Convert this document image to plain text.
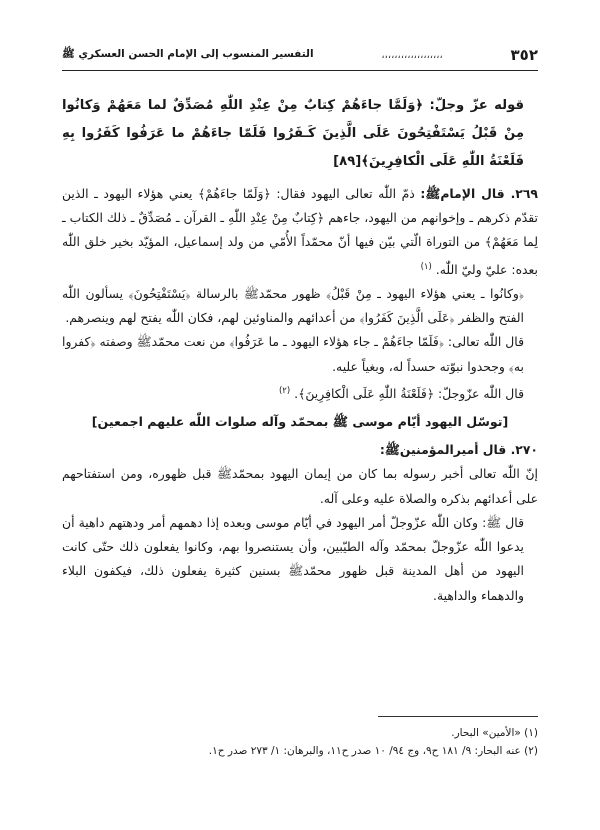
٣٥٢
،،،،،،،،،،،،،،،،،،،
التفسير المنسوب إلى الإمام الحسن العسكري ﷺ

قوله عزّ وجلّ: ﴿وَلَمَّا جاءَهُمْ كِتابٌ مِنْ عِنْدِ اللّٰهِ مُصَدِّقٌ لما مَعَهُمْ وَكانُوا مِنْ قَبْلُ يَسْتَفْتِحُونَ عَلَى الَّذِينَ كَـفَرُوا فَلَمّا جاءَهُمْ ما عَرَفُوا كَفَرُوا بِهِ فَلَعْنَةُ اللّٰهِ عَلَى الْكافِرِينَ﴾[٨٩]

٢٦٩. قال الإمامﷺ: ذمّ اللّٰه تعالى اليهود فقال: ﴿وَلَمّا جاءَهُمْ﴾ يعني هؤلاء اليهود ـ الذين تقدّم ذكرهم ـ وإخوانهم من اليهود، جاءهم ﴿كِتابٌ مِنْ عِنْدِ اللّٰهِ ـ القرآن ـ مُصَدِّقٌ ـ ذلك الكتاب ـ لِما مَعَهُمْ﴾ من التوراة الّتي بيّن فيها أنّ محمّداً الأُمّي من ولد إسماعيل، المؤيّد بخير خلق اللّٰه بعده: عليّ وليّ اللّٰه. $^{(١)}$

﴿وكانُوا ـ يعني هؤلاء اليهود ـ مِنْ قَبْلُ﴾ ظهور محمّدﷺ بالرسالة ﴿يَسْتَفْتِحُونَ﴾ يسألون اللّٰه الفتح والظفر ﴿عَلَى الَّذِينَ كَفَرُوا﴾ من أعدائهم والمناوئين لهم، فكان اللّٰه يفتح لهم وينصرهم.

قال اللّٰه تعالى: ﴿فَلَمّا جاءَهُمْ ـ جاء هؤلاء اليهود ـ ما عَرَفُوا﴾ من نعت محمّدﷺ وصفته ﴿كفروا به﴾ وجحدوا نبوّته حسداً له، وبغياً عليه.

قال اللّٰه عزّوجلّ: ﴿فَلَعْنَةُ اللّٰهِ عَلَى الْكافِرِينَ﴾. $^{(٢)}$

[توسّل اليهود أيّام موسى ﷺ بمحمّد وآله صلوات اللّٰه عليهم اجمعين]

٢٧٠. قال أميرالمؤمنينﷺ:

إنّ اللّٰه تعالى أخبر رسوله بما كان من إيمان اليهود بمحمّدﷺ قبل ظهوره، ومن استفتاحهم على أعدائهم بذكره والصلاة عليه وعلى آله.

قال ﷺ: وكان اللّٰه عزّوجلّ أمر اليهود في أيّام موسى وبعده إذا دهمهم أمر ودهتهم داهية أن يدعوا اللّٰه عزّوجلّ بمحمّد وآله الطيّبين، وأن يستنصروا بهم، وكانوا يفعلون ذلك حتّى كانت اليهود من أهل المدينة قبل ظهور محمّدﷺ بسنين كثيرة يفعلون ذلك، فيكفون البلاء والدهماء والداهية.

(١) «الأمين» البحار.

(٢) عنه البحار: ٩/ ١٨١ ح٩، وج ٩٤/ ١٠ صدر ح١١، والبرهان: ١/ ٢٧٣ صدر ح١.
